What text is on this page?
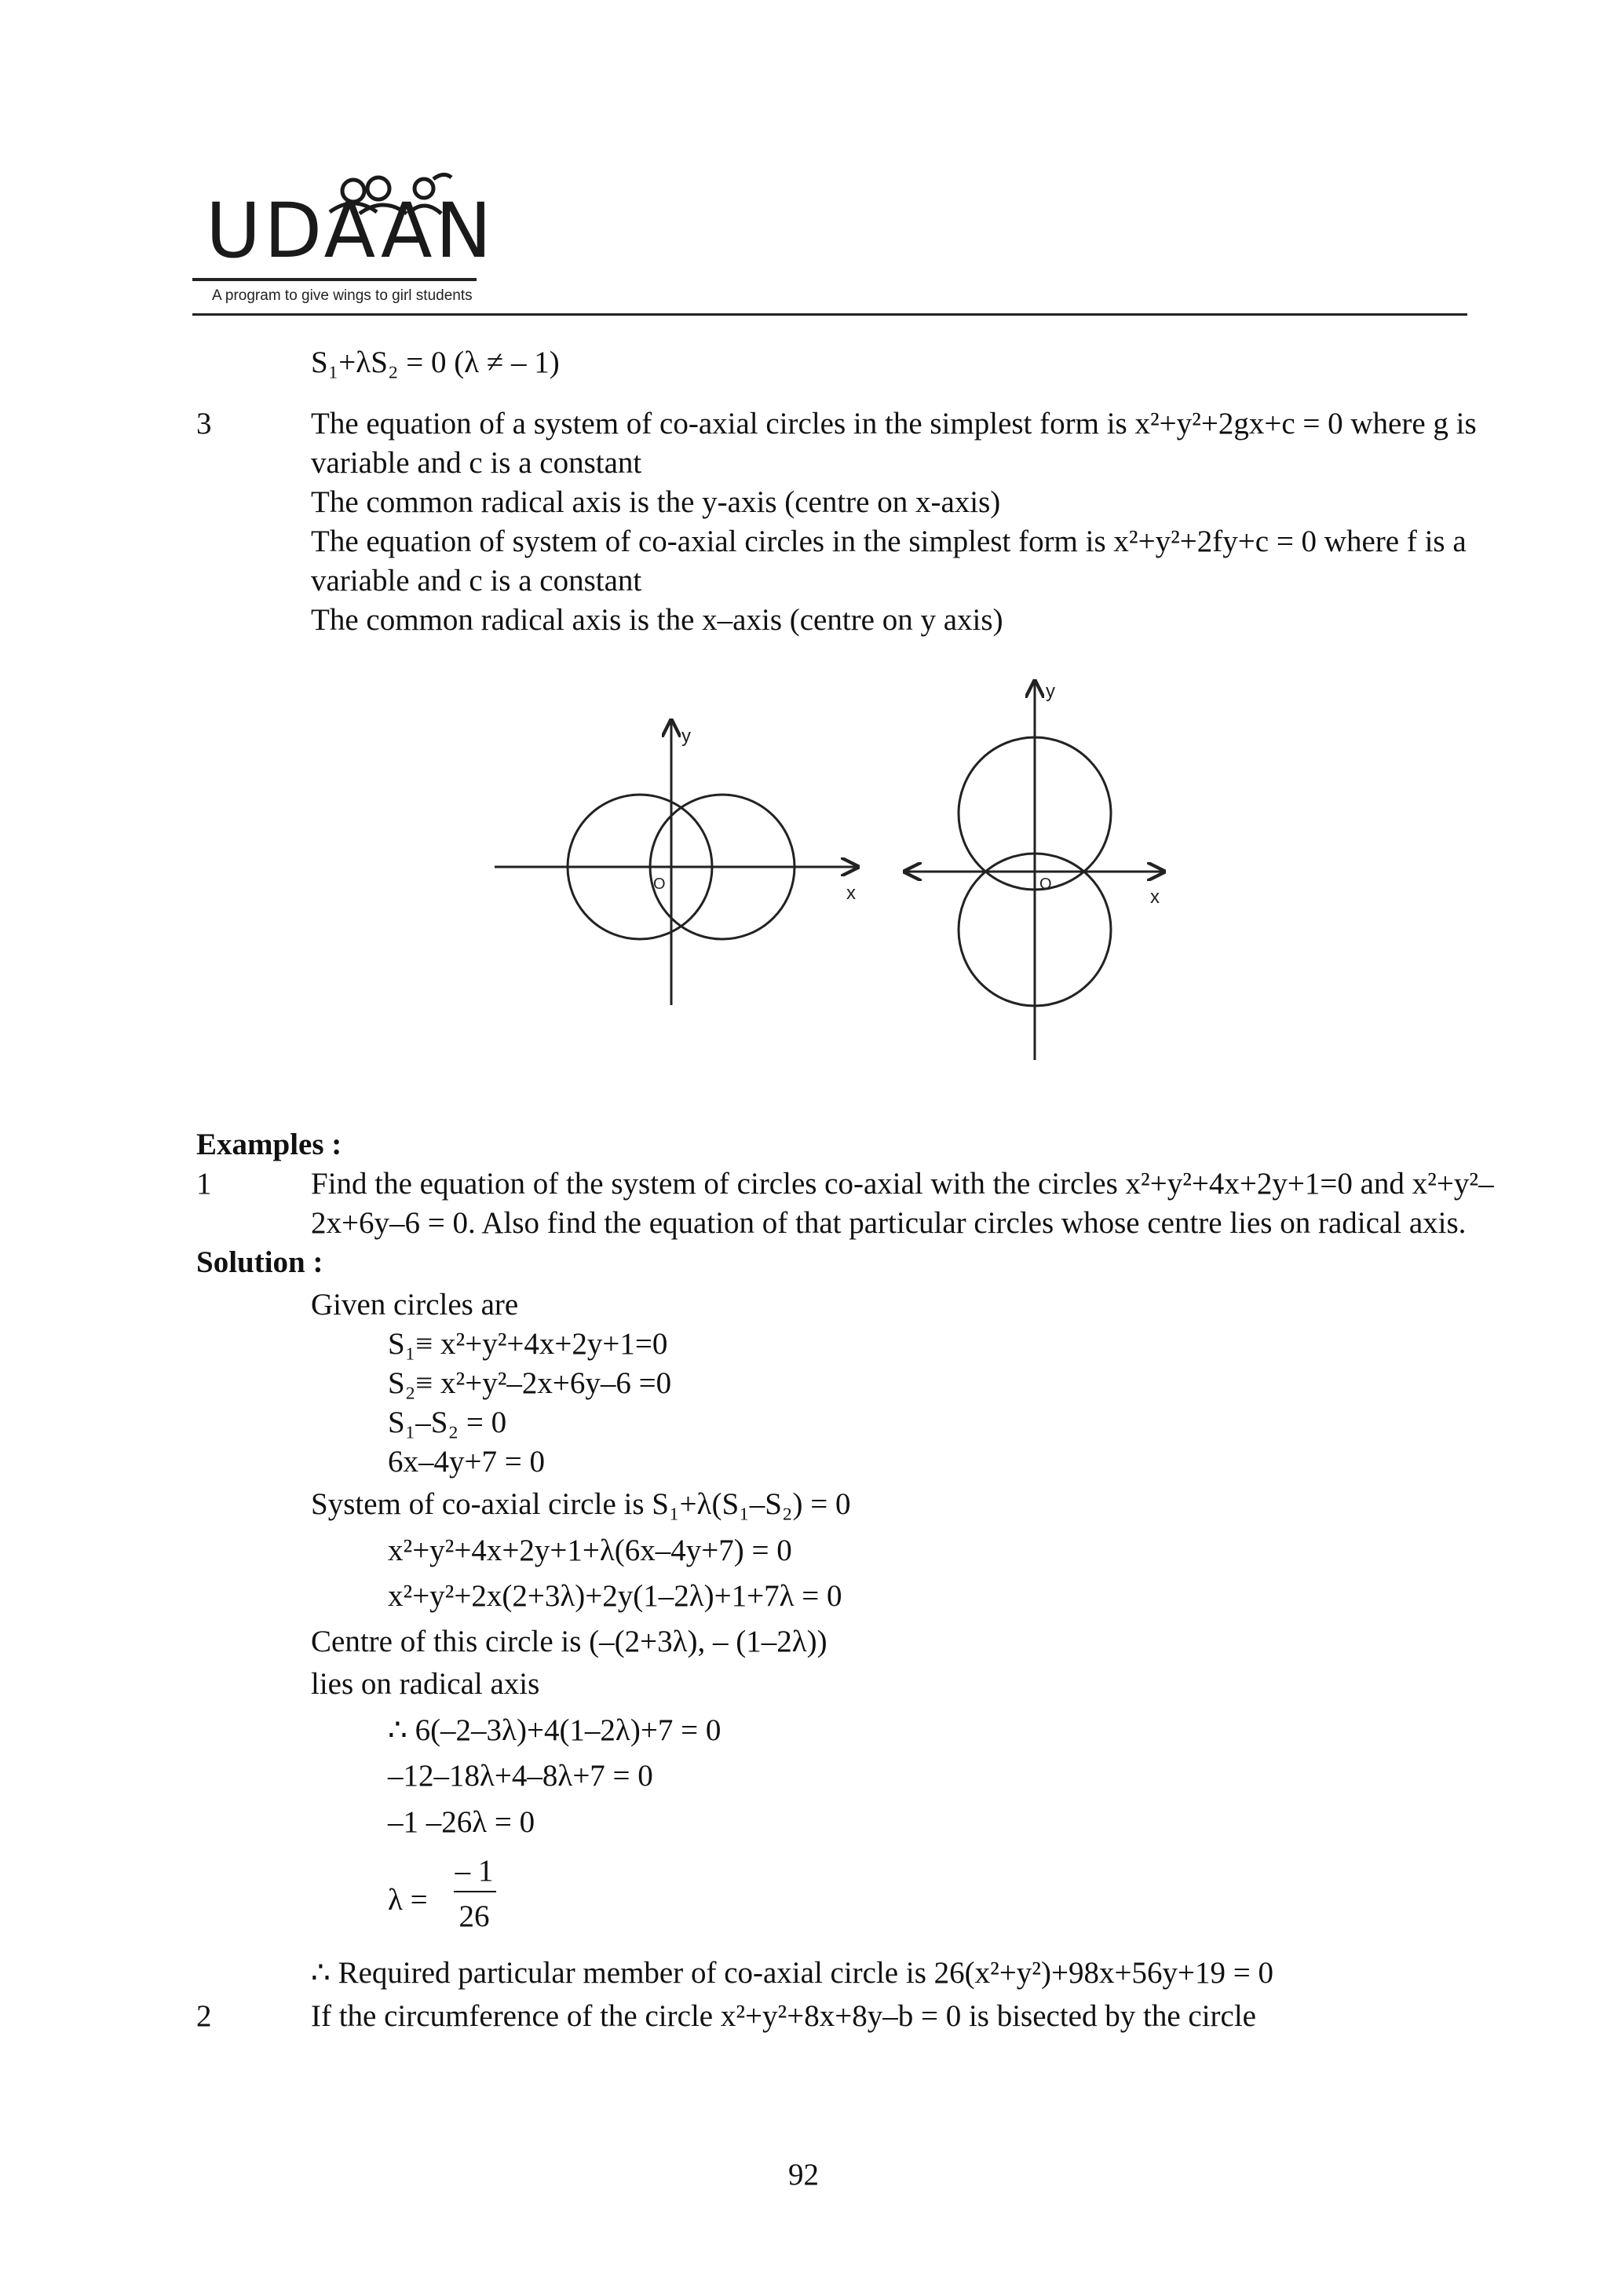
UDAAN
A program to give wings to girl students
S₁+λS₂ = 0 (λ ≠ – 1)
3	The equation of a system of co-axial circles in the simplest form is x²+y²+2gx+c = 0 where g is
variable and c is a constant
The common radical axis is the y-axis (centre on x-axis)
The equation of system of co-axial circles in the simplest form is x²+y²+2fy+c = 0 where f is a
variable and c is a constant
The common radical axis is the x–axis (centre on y axis)
y
x
O
y
x
O
Examples :
1	Find the equation of the system of circles co-axial with the circles x²+y²+4x+2y+1=0 and x²+y²–
2x+6y–6 = 0. Also find the equation of that particular circles whose centre lies on radical axis.
Solution :
Given circles are
S₁≡ x²+y²+4x+2y+1=0
S₂≡ x²+y²–2x+6y–6 =0
S₁–S₂ = 0
6x–4y+7 = 0
System of co-axial circle is S₁+λ(S₁–S₂) = 0
x²+y²+4x+2y+1+λ(6x–4y+7) = 0
x²+y²+2x(2+3λ)+2y(1–2λ)+1+7λ = 0
Centre of this circle is (–(2+3λ), – (1–2λ))
lies on radical axis
∴ 6(–2–3λ)+4(1–2λ)+7 = 0
–12–18λ+4–8λ+7 = 0
–1 –26λ = 0
λ =
– 1
26
∴ Required particular member of co-axial circle is 26(x²+y²)+98x+56y+19 = 0
2	If the circumference of the circle x²+y²+8x+8y–b = 0 is bisected by the circle
92
